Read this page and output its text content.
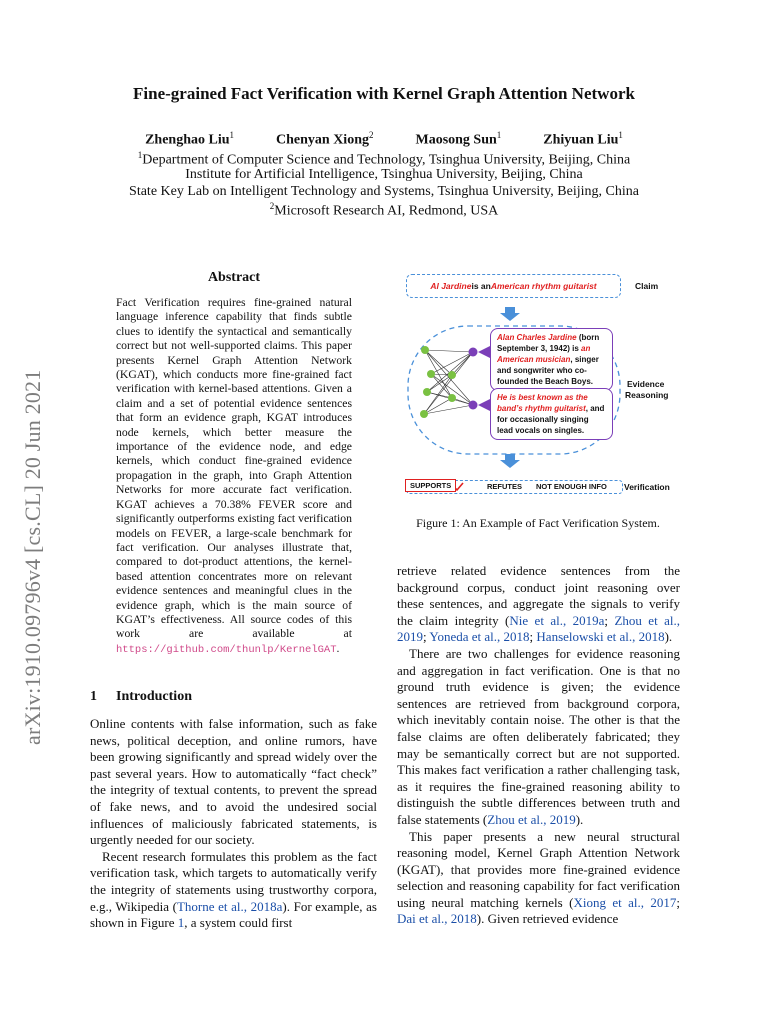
Fine-grained Fact Verification with Kernel Graph Attention Network
Zhenghao Liu$^1$	Chenyan Xiong$^2$	Maosong Sun$^1$	Zhiyuan Liu$^1$
$^1$Department of Computer Science and Technology, Tsinghua University, Beijing, China
Institute for Artificial Intelligence, Tsinghua University, Beijing, China
State Key Lab on Intelligent Technology and Systems, Tsinghua University, Beijing, China
$^2$Microsoft Research AI, Redmond, USA
arXiv:1910.09796v4 [cs.CL] 20 Jun 2021
Abstract
Fact Verification requires fine-grained natural language inference capability that finds subtle clues to identify the syntactical and semantically correct but not well-supported claims. This paper presents Kernel Graph Attention Network (KGAT), which conducts more fine-grained fact verification with kernel-based attentions. Given a claim and a set of potential evidence sentences that form an evidence graph, KGAT introduces node kernels, which better measure the importance of the evidence node, and edge kernels, which conduct fine-grained evidence propagation in the graph, into Graph Attention Networks for more accurate fact verification. KGAT achieves a 70.38% FEVER score and significantly outperforms existing fact verification models on FEVER, a large-scale benchmark for fact verification. Our analyses illustrate that, compared to dot-product attentions, the kernel-based attention concentrates more on relevant evidence sentences and meaningful clues in the evidence graph, which is the main source of KGAT’s effectiveness. All source codes of this work are available at https://github.com/thunlp/KernelGAT.
1 Introduction

Online contents with false information, such as fake news, political deception, and online rumors, have been growing significantly and spread widely over the past several years. How to automatically “fact check” the integrity of textual contents, to prevent the spread of fake news, and to avoid the undesired social influences of maliciously fabricated statements, is urgently needed for our society.

Recent research formulates this problem as the fact verification task, which targets to automatically verify the integrity of statements using trustworthy corpora, e.g., Wikipedia (Thorne et al., 2018a). For example, as shown in Figure 1, a system could first

Al Jardine is an American rhythm guitarist	Claim
Alan Charles Jardine (born September 3, 1942) is an American musician, singer and songwriter who co-founded the Beach Boys.
He is best known as the band’s rhythm guitarist, and for occasionally singing lead vocals on singles.
Evidence
Reasoning
SUPPORTS	REFUTES NOT ENOUGH INFO Verification
Figure 1: An Example of Fact Verification System.

retrieve related evidence sentences from the background corpus, conduct joint reasoning over these sentences, and aggregate the signals to verify the claim integrity (Nie et al., 2019a; Zhou et al., 2019; Yoneda et al., 2018; Hanselowski et al., 2018).

There are two challenges for evidence reasoning and aggregation in fact verification. One is that no ground truth evidence is given; the evidence sentences are retrieved from background corpora, which inevitably contain noise. The other is that the false claims are often deliberately fabricated; they may be semantically correct but are not supported. This makes fact verification a rather challenging task, as it requires the fine-grained reasoning ability to distinguish the subtle differences between truth and false statements (Zhou et al., 2019).

This paper presents a new neural structural reasoning model, Kernel Graph Attention Network (KGAT), that provides more fine-grained evidence selection and reasoning capability for fact verification using neural matching kernels (Xiong et al., 2017; Dai et al., 2018). Given retrieved evidence
